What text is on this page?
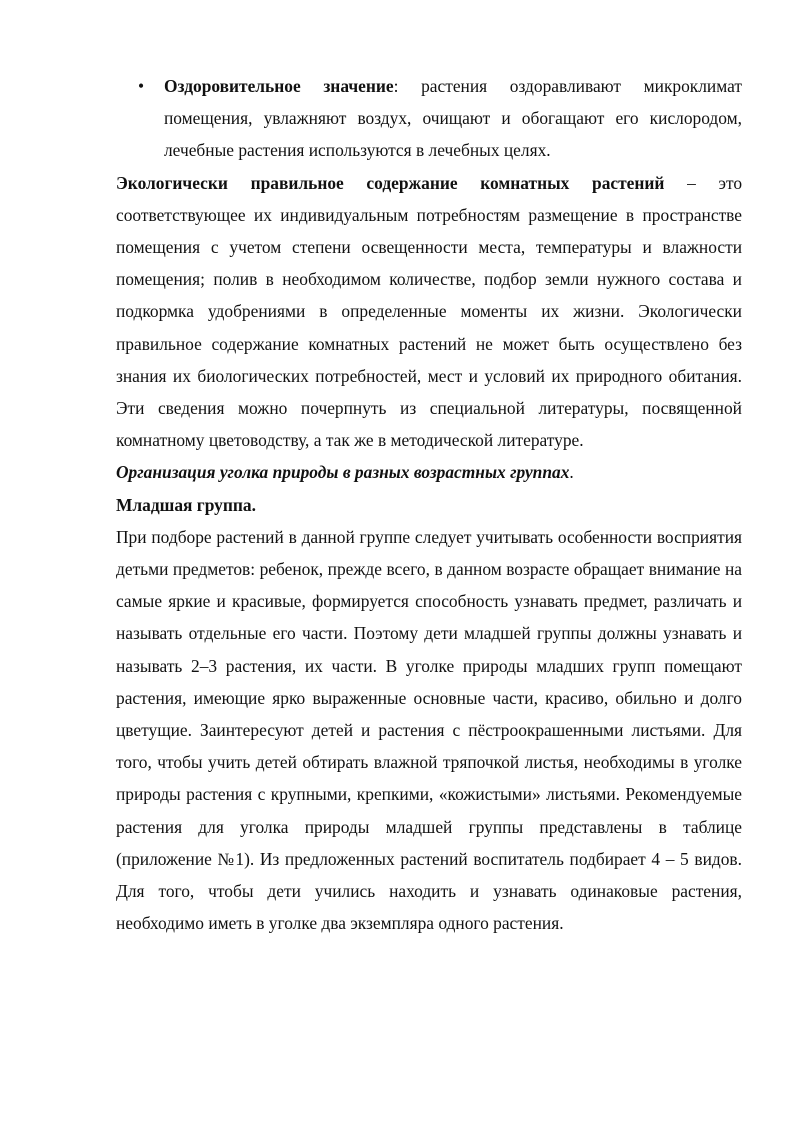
• Оздоровительное значение: растения оздоравливают микроклимат помещения, увлажняют воздух, очищают и обогащают его кислородом, лечебные растения используются в лечебных целях.

Экологически правильное содержание комнатных растений – это соответствующее их индивидуальным потребностям размещение в пространстве помещения с учетом степени освещенности места, температуры и влажности помещения; полив в необходимом количестве, подбор земли нужного состава и подкормка удобрениями в определенные моменты их жизни. Экологически правильное содержание комнатных растений не может быть осуществлено без знания их биологических потребностей, мест и условий их природного обитания. Эти сведения можно почерпнуть из специальной литературы, посвященной комнатному цветоводству, а так же в методической литературе.

Организация уголка природы в разных возрастных группах.

Младшая группа.

При подборе растений в данной группе следует учитывать особенности восприятия детьми предметов: ребенок, прежде всего, в данном возрасте обращает внимание на самые яркие и красивые, формируется способность узнавать предмет, различать и называть отдельные его части. Поэтому дети младшей группы должны узнавать и называть 2–3 растения, их части. В уголке природы младших групп помещают растения, имеющие ярко выраженные основные части, красиво, обильно и долго цветущие. Заинтересуют детей и растения с пёстроокрашенными листьями. Для того, чтобы учить детей обтирать влажной тряпочкой листья, необходимы в уголке природы растения с крупными, крепкими, «кожистыми» листьями. Рекомендуемые растения для уголка природы младшей группы представлены в таблице (приложение №1). Из предложенных растений воспитатель подбирает 4 – 5 видов. Для того, чтобы дети учились находить и узнавать одинаковые растения, необходимо иметь в уголке два экземпляра одного растения.
